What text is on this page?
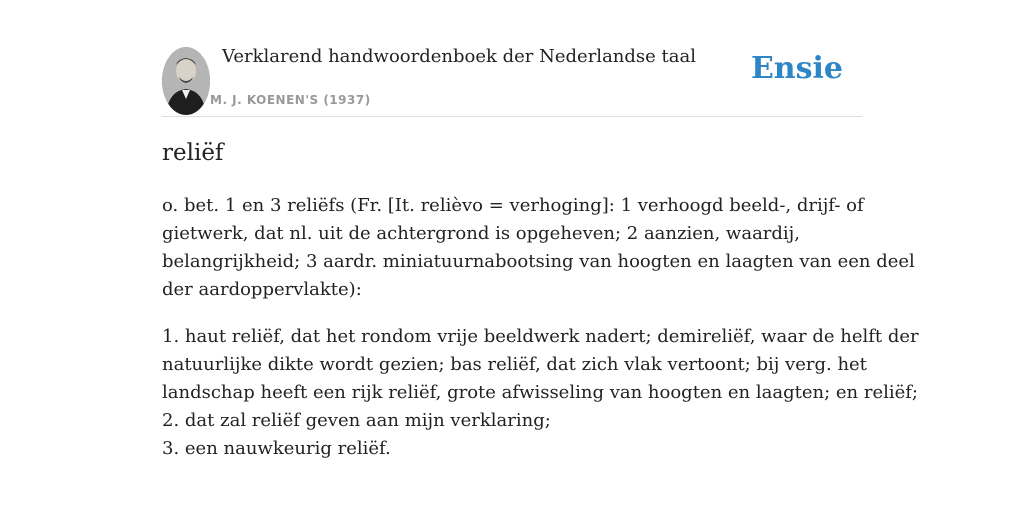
Verklarend handwoordenboek der Nederlandse taal
M. J. KOENEN'S (1937)
Ensie
reliëf
o. bet. 1 en 3 reliëfs (Fr. [It. relièvo = verhoging]: 1 verhoogd beeld-, drijf- of
gietwerk, dat nl. uit de achtergrond is opgeheven; 2 aanzien, waardij,
belangrijkheid; 3 aardr. miniatuurnabootsing van hoogten en laagten van een deel
der aardoppervlakte):
1. haut reliëf, dat het rondom vrije beeldwerk nadert; demireliëf, waar de helft der
natuurlijke dikte wordt gezien; bas reliëf, dat zich vlak vertoont; bij verg. het
landschap heeft een rijk reliëf, grote afwisseling van hoogten en laagten; en reliëf;
2. dat zal reliëf geven aan mijn verklaring;
3. een nauwkeurig reliëf.
